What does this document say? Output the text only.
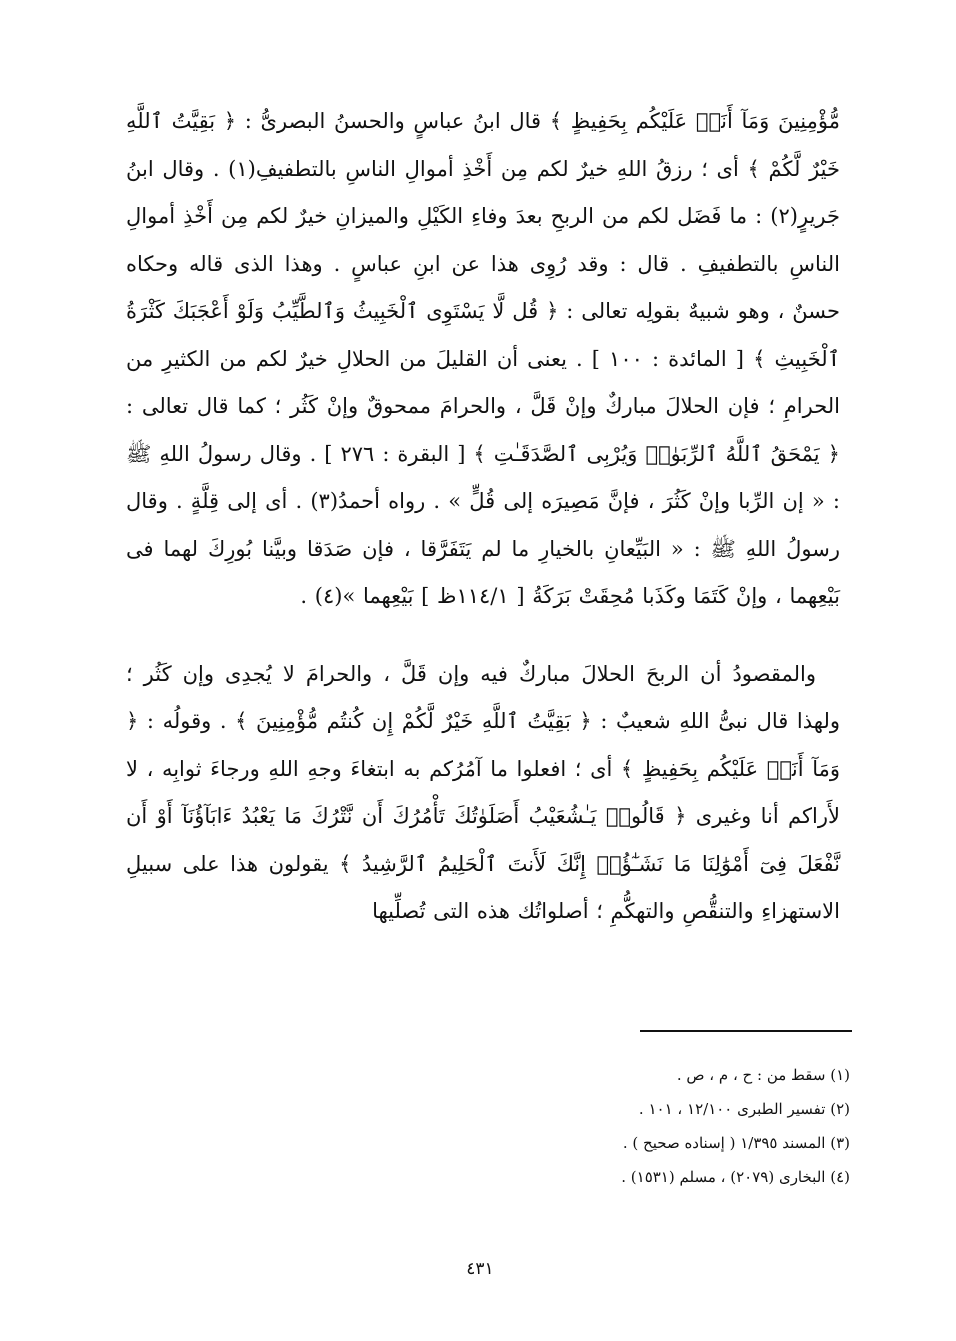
مُّؤْمِنِينَ وَمَآ أَنَا۠ عَلَيْكُم بِحَفِيظٍ ﴾ قال ابنُ عباسٍ والحسنُ البصرىُّ : ﴿ بَقِيَّتُ ٱللَّهِ خَيْرٌ لَّكُمْ ﴾ أى ؛ رزقُ اللهِ خيرٌ لكم مِن أَخْذِ أموالِ الناسِ بالتطفيفِ(١) . وقال ابنُ جَريرٍ(٢) : ما فَضَل لكم من الربحِ بعدَ وفاءِ الكَيْلِ والميزانِ خيرٌ لكم مِن أَخْذِ أموالِ الناسِ بالتطفيفِ . قال : وقد رُوِى هذا عن ابنِ عباسٍ . وهذا الذى قاله وحكاه حسنٌ ، وهو شبيهٌ بقولِه تعالى : ﴿ قُل لَّا يَسْتَوِى ٱلْخَبِيثُ وَٱلطَّيِّبُ وَلَوْ أَعْجَبَكَ كَثْرَةُ ٱلْخَبِيثِ ﴾ [ المائدة : ١٠٠ ] . يعنى أن القليلَ من الحلالِ خيرٌ لكم من الكثيرِ من الحرامِ ؛ فإن الحلالَ مباركٌ وإنْ قَلَّ ، والحرامَ ممحوقٌ وإنْ كَثُر ؛ كما قال تعالى : ﴿ يَمْحَقُ ٱللَّهُ ٱلرِّبَوٰا۟ وَيُرْبِى ٱلصَّدَقَـٰتِ ﴾ [ البقرة : ٢٧٦ ] . وقال رسولُ اللهِ ﷺ : « إن الرِّبا وإنْ كَثُرَ ، فإنَّ مَصِيرَه إلى قُلٍّ » . رواه أحمدُ(٣) . أى إلى قِلَّةٍ . وقال رسولُ اللهِ ﷺ : « البَيِّعانِ بالخيارِ ما لم يَتَفَرَّقا ، فإن صَدَقا وبيَّنا بُورِكَ لهما فى بَيْعِهما ، وإنْ كَتَمَا وكَذَبا مُحِقَتْ بَرَكَةُ [ ١١٤/١ظ ] بَيْعِهما »(٤) .

والمقصودُ أن الربحَ الحلالَ مباركٌ فيه وإن قَلَّ ، والحرامَ لا يُجدِى وإن كَثُر ؛ ولهذا قال نبىُّ اللهِ شعيبٌ : ﴿ بَقِيَّتُ ٱللَّهِ خَيْرٌ لَّكُمْ إِن كُنتُم مُّؤْمِنِينَ ﴾ . وقولُه : ﴿ وَمَآ أَنَا۠ عَلَيْكُم بِحَفِيظٍ ﴾ أى ؛ افعلوا ما آمُرُكم به ابتغاءَ وجهِ اللهِ ورجاءَ ثوابِه ، لا لأَراكم أنا وغيرى ﴿ قَالُوا۟ يَـٰشُعَيْبُ أَصَلَوٰتُكَ تَأْمُرُكَ أَن نَّتْرُكَ مَا يَعْبُدُ ءَابَآؤُنَآ أَوْ أَن نَّفْعَلَ فِىٓ أَمْوَٰلِنَا مَا نَشَـٰٓؤُا۟ إِنَّكَ لَأَنتَ ٱلْحَلِيمُ ٱلرَّشِيدُ ﴾ يقولون هذا على سبيلِ الاستهزاءِ والتنقُّصِ والتهكُّمِ ؛ أصلواتُك هذه التى تُصلِّيها

(١) سقط من : ح ، م ، ص .
(٢) تفسير الطبرى ١٢/١٠٠ ، ١٠١ .
(٣) المسند ١/٣٩٥ ( إسناده صحيح ) .
(٤) البخارى (٢٠٧٩) ، مسلم (١٥٣١) .
٤٣١
